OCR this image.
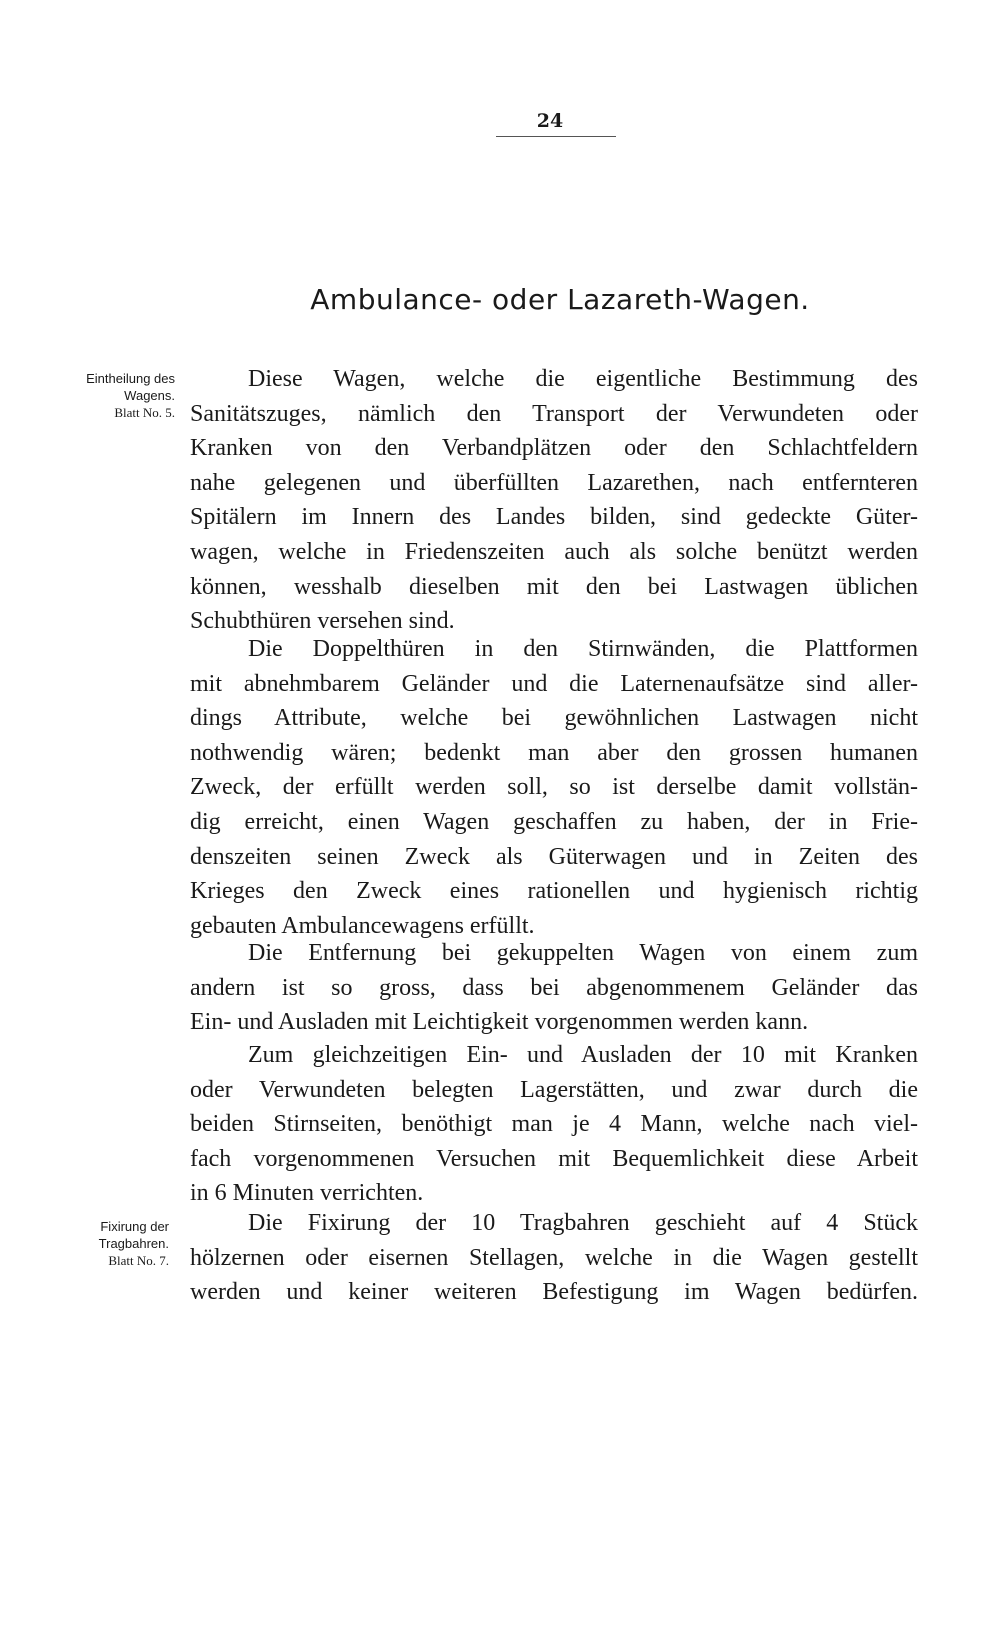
24
Ambulance- oder Lazareth-Wagen.
Eintheilung des
Wagens.
Blatt No. 5.
Fixirung der
Tragbahren.
Blatt No. 7.
Diese Wagen, welche die eigentliche Bestimmung des
Sanitätszuges, nämlich den Transport der Verwundeten oder
Kranken von den Verbandplätzen oder den Schlachtfeldern
nahe gelegenen und überfüllten Lazarethen, nach entfernteren
Spitälern im Innern des Landes bilden, sind gedeckte Güter-
wagen, welche in Friedenszeiten auch als solche benützt werden
können, wesshalb dieselben mit den bei Lastwagen üblichen
Schubthüren versehen sind.
Die Doppelthüren in den Stirnwänden, die Plattformen
mit abnehmbarem Geländer und die Laternenaufsätze sind aller-
dings Attribute, welche bei gewöhnlichen Lastwagen nicht
nothwendig wären; bedenkt man aber den grossen humanen
Zweck, der erfüllt werden soll, so ist derselbe damit vollstän-
dig erreicht, einen Wagen geschaffen zu haben, der in Frie-
denszeiten seinen Zweck als Güterwagen und in Zeiten des
Krieges den Zweck eines rationellen und hygienisch richtig
gebauten Ambulancewagens erfüllt.
Die Entfernung bei gekuppelten Wagen von einem zum
andern ist so gross, dass bei abgenommenem Geländer das
Ein- und Ausladen mit Leichtigkeit vorgenommen werden kann.
Zum gleichzeitigen Ein- und Ausladen der 10 mit Kranken
oder Verwundeten belegten Lagerstätten, und zwar durch die
beiden Stirnseiten, benöthigt man je 4 Mann, welche nach viel-
fach vorgenommenen Versuchen mit Bequemlichkeit diese Arbeit
in 6 Minuten verrichten.
Die Fixirung der 10 Tragbahren geschieht auf 4 Stück
hölzernen oder eisernen Stellagen, welche in die Wagen gestellt
werden und keiner weiteren Befestigung im Wagen bedürfen.
